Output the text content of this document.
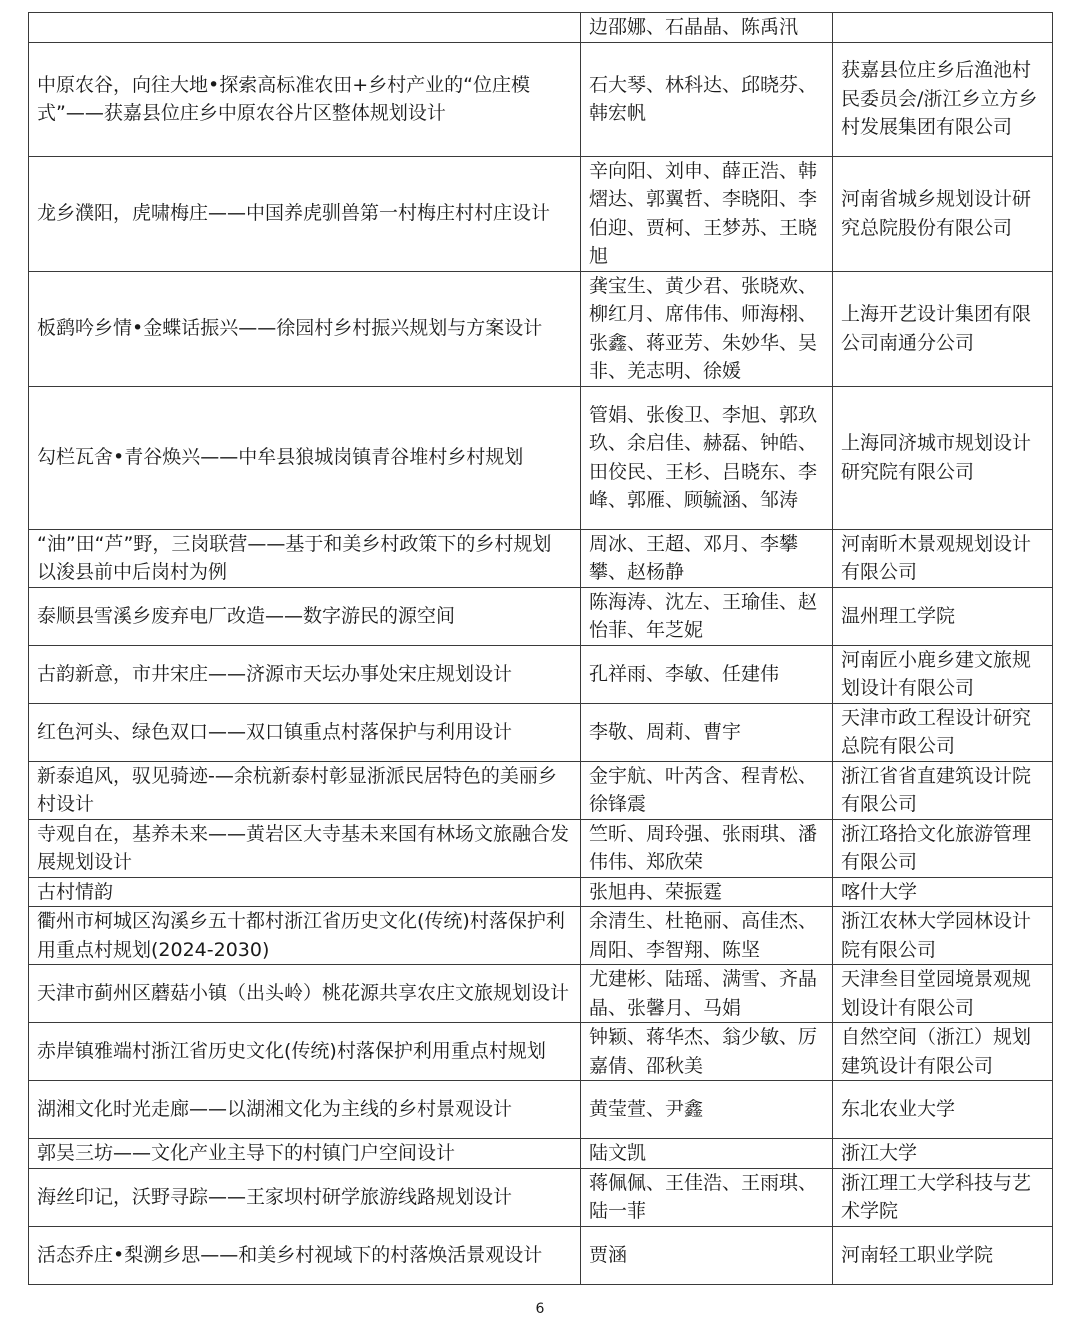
	边邵娜、石晶晶、陈禹汛	
中原农谷，向往大地•探索高标准农田+乡村产业的“位庄模式”——获嘉县位庄乡中原农谷片区整体规划设计	石大琴、林科达、邱晓芬、韩宏帆	获嘉县位庄乡后渔池村民委员会/浙江乡立方乡村发展集团有限公司
龙乡濮阳，虎啸梅庄——中国养虎驯兽第一村梅庄村村庄设计	辛向阳、刘申、薛正浩、韩熠达、郭翼哲、李晓阳、李伯迎、贾柯、王梦苏、王晓旭	河南省城乡规划设计研究总院股份有限公司
板鹞吟乡情•金蝶话振兴——徐园村乡村振兴规划与方案设计	龚宝生、黄少君、张晓欢、柳红月、席伟伟、师海栩、张鑫、蒋亚芳、朱妙华、吴非、羌志明、徐媛	上海开艺设计集团有限公司南通分公司
勾栏瓦舍•青谷焕兴——中牟县狼城岗镇青谷堆村乡村规划	管娟、张俊卫、李旭、郭玖玖、余启佳、赫磊、钟皓、田佼民、王杉、吕晓东、李峰、郭雁、顾毓涵、邹涛	上海同济城市规划设计研究院有限公司
“油”田“芦”野，三岗联营——基于和美乡村政策下的乡村规划 以浚县前中后岗村为例	周冰、王超、邓月、李攀攀、赵杨静	河南昕木景观规划设计有限公司
泰顺县雪溪乡废弃电厂改造——数字游民的源空间	陈海涛、沈左、王瑜佳、赵怡菲、年芝妮	温州理工学院
古韵新意，市井宋庄——济源市天坛办事处宋庄规划设计	孔祥雨、李敏、任建伟	河南匠小鹿乡建文旅规划设计有限公司
红色河头、绿色双口——双口镇重点村落保护与利用设计	李敬、周莉、曹宇	天津市政工程设计研究总院有限公司
新泰追风，驭见骑迹-—余杭新泰村彰显浙派民居特色的美丽乡村设计	金宇航、叶芮含、程青松、徐锋震	浙江省省直建筑设计院有限公司
寺观自在，基养未来——黄岩区大寺基未来国有林场文旅融合发展规划设计	竺昕、周玲强、张雨琪、潘伟伟、郑欣荣	浙江珞拾文化旅游管理有限公司
古村情韵	张旭冉、荣振霆	喀什大学
衢州市柯城区沟溪乡五十都村浙江省历史文化(传统)村落保护利用重点村规划(2024-2030)	余清生、杜艳丽、高佳杰、周阳、李智翔、陈坚	浙江农林大学园林设计院有限公司
天津市蓟州区蘑菇小镇（出头岭）桃花源共享农庄文旅规划设计	尤建彬、陆瑶、满雪、齐晶晶、张馨月、马娟	天津叁目堂园境景观规划设计有限公司
赤岸镇雅端村浙江省历史文化(传统)村落保护利用重点村规划	钟颖、蒋华杰、翁少敏、厉嘉倩、邵秋美	自然空间（浙江）规划建筑设计有限公司
湖湘文化时光走廊——以湖湘文化为主线的乡村景观设计	黄莹萱、尹鑫	东北农业大学
郭吴三坊——文化产业主导下的村镇门户空间设计	陆文凯	浙江大学
海丝印记，沃野寻踪——王家坝村研学旅游线路规划设计	蒋佩佩、王佳浩、王雨琪、陆一菲	浙江理工大学科技与艺术学院
活态乔庄•梨溯乡思——和美乡村视域下的村落焕活景观设计	贾涵	河南轻工职业学院
6
